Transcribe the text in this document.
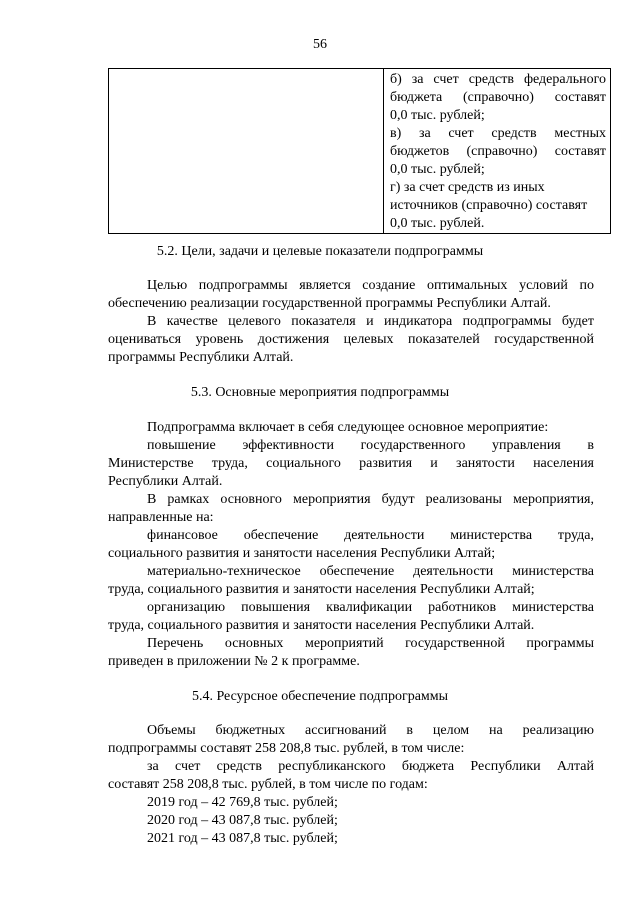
56

б) за счет средств федерального
бюджета (справочно) составят
0,0 тыс. рублей;
в) за счет средств местных
бюджетов (справочно) составят
0,0 тыс. рублей;
г) за счет средств из иных
источников (справочно) составят
0,0 тыс. рублей.
5.2. Цели, задачи и целевые показатели подпрограммы
Целью подпрограммы является создание оптимальных условий по
обеспечению реализации государственной программы Республики Алтай.
В качестве целевого показателя и индикатора подпрограммы будет
оцениваться уровень достижения целевых показателей государственной
программы Республики Алтай.
5.3. Основные мероприятия подпрограммы
Подпрограмма включает в себя следующее основное мероприятие:
повышение эффективности государственного управления в
Министерстве труда, социального развития и занятости населения
Республики Алтай.
В рамках основного мероприятия будут реализованы мероприятия,
направленные на:
финансовое обеспечение деятельности министерства труда,
социального развития и занятости населения Республики Алтай;
материально-техническое обеспечение деятельности министерства
труда, социального развития и занятости населения Республики Алтай;
организацию повышения квалификации работников министерства
труда, социального развития и занятости населения Республики Алтай.
Перечень основных мероприятий государственной программы
приведен в приложении № 2 к программе.
5.4. Ресурсное обеспечение подпрограммы
Объемы бюджетных ассигнований в целом на реализацию
подпрограммы составят 258 208,8 тыс. рублей, в том числе:
за счет средств республиканского бюджета Республики Алтай
составят 258 208,8 тыс. рублей, в том числе по годам:
2019 год – 42 769,8 тыс. рублей;
2020 год – 43 087,8 тыс. рублей;
2021 год – 43 087,8 тыс. рублей;
